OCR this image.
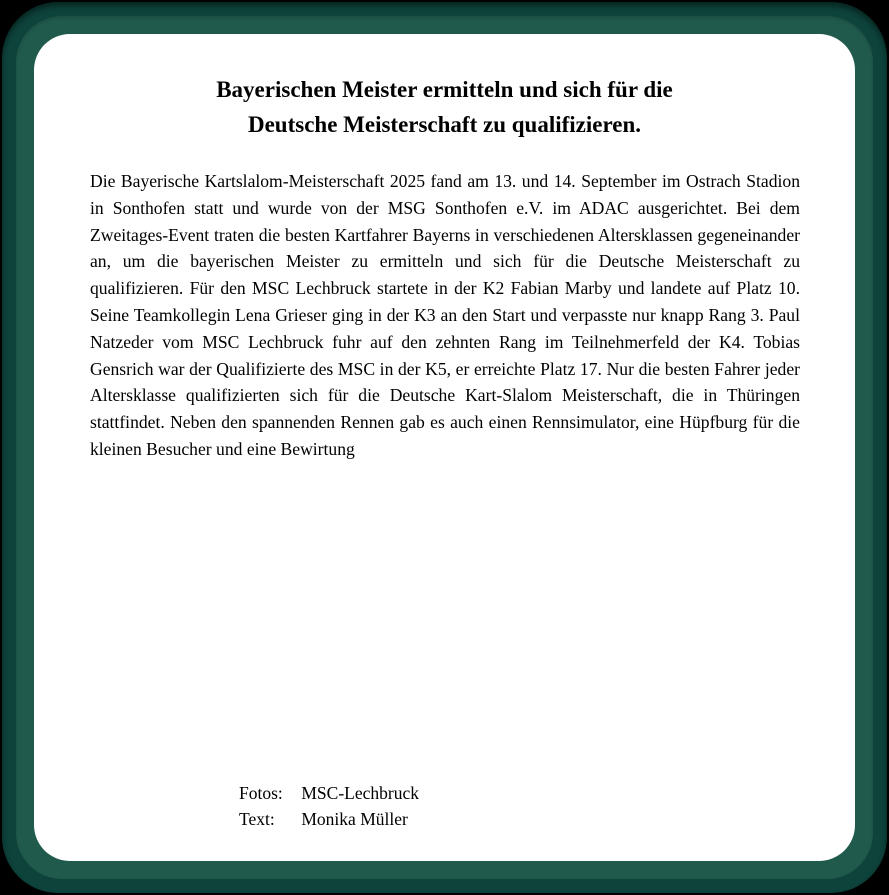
Bayerischen Meister ermitteln und sich für die
Deutsche Meisterschaft zu qualifizieren.

Die Bayerische Kartslalom-Meisterschaft 2025 fand am 13. und 14. September im Ostrach Stadion in Sonthofen statt und wurde von der MSG Sonthofen e.V. im ADAC ausgerichtet. Bei dem Zweitages-Event traten die besten Kartfahrer Bayerns in verschiedenen Altersklassen gegeneinander an, um die bayerischen Meister zu ermitteln und sich für die Deutsche Meisterschaft zu qualifizieren. Für den MSC Lechbruck startete in der K2 Fabian Marby und landete auf Platz 10. Seine Teamkollegin Lena Grieser ging in der K3 an den Start und verpasste nur knapp Rang 3. Paul Natzeder vom MSC Lechbruck fuhr auf den zehnten Rang im Teilnehmerfeld der K4. Tobias Gensrich war der Qualifizierte des MSC in der K5, er erreichte Platz 17. Nur die besten Fahrer jeder Altersklasse qualifizierten sich für die Deutsche Kart-Slalom Meisterschaft, die in Thüringen stattfindet. Neben den spannenden Rennen gab es auch einen Rennsimulator, eine Hüpfburg für die kleinen Besucher und eine Bewirtung

Fotos: MSC-Lechbruck
Text: Monika Müller
